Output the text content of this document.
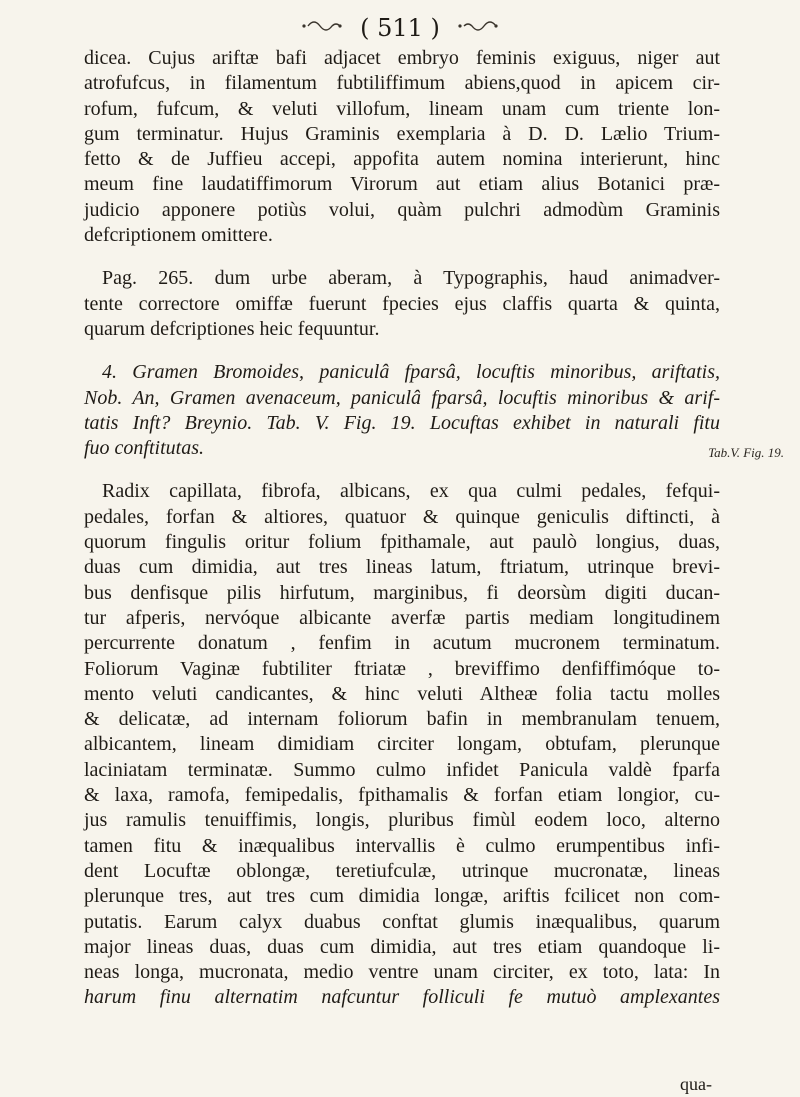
( 511 )
dicea. Cujus ariftæ bafi adjacet embryo feminis exiguus, niger aut
atrofufcus, in filamentum fubtiliffimum abiens,quod in apicem cir-
rofum, fufcum, & veluti villofum, lineam unam cum triente lon-
gum terminatur. Hujus Graminis exemplaria à D. D. Lælio Trium-
fetto & de Juffieu accepi, appofita autem nomina interierunt, hinc
meum fine laudatiffimorum Virorum aut etiam alius Botanici præ-
judicio apponere potiùs volui, quàm pulchri admodùm Graminis
defcriptionem omittere.
Pag. 265. dum urbe aberam, à Typographis, haud animadver-
tente correctore omiffæ fuerunt fpecies ejus claffis quarta & quinta,
quarum defcriptiones heic fequuntur.
4. Gramen Bromoides, paniculâ fparsâ, locuftis minoribus, ariftatis,
Nob. An, Gramen avenaceum, paniculâ fparsâ, locuftis minoribus & arif-
tatis Inft? Breynio. Tab. V. Fig. 19. Locuftas exhibet in naturali fitu
fuo conftitutas.
Radix capillata, fibrofa, albicans, ex qua culmi pedales, fefqui-
pedales, forfan & altiores, quatuor & quinque geniculis diftincti, à
quorum fingulis oritur folium fpithamale, aut paulò longius, duas,
duas cum dimidia, aut tres lineas latum, ftriatum, utrinque brevi-
bus denfisque pilis hirfutum, marginibus, fi deorsùm digiti ducan-
tur afperis, nervóque albicante averfæ partis mediam longitudinem
percurrente donatum , fenfim in acutum mucronem terminatum.
Foliorum Vaginæ fubtiliter ftriatæ , breviffimo denfiffimóque to-
mento veluti candicantes, & hinc veluti Altheæ folia tactu molles
& delicatæ, ad internam foliorum bafin in membranulam tenuem,
albicantem, lineam dimidiam circiter longam, obtufam, plerunque
laciniatam terminatæ. Summo culmo infidet Panicula valdè fparfa
& laxa, ramofa, femipedalis, fpithamalis & forfan etiam longior, cu-
jus ramulis tenuiffimis, longis, pluribus fimùl eodem loco, alterno
tamen fitu & inæqualibus intervallis è culmo erumpentibus infi-
dent Locuftæ oblongæ, teretiufculæ, utrinque mucronatæ, lineas
plerunque tres, aut tres cum dimidia longæ, ariftis fcilicet non com-
putatis. Earum calyx duabus conftat glumis inæqualibus, quarum
major lineas duas, duas cum dimidia, aut tres etiam quandoque li-
neas longa, mucronata, medio ventre unam circiter, ex toto, lata: In
harum finu alternatim nafcuntur folliculi fe mutuò amplexantes
Tab.V. Fig. 19.
qua-
